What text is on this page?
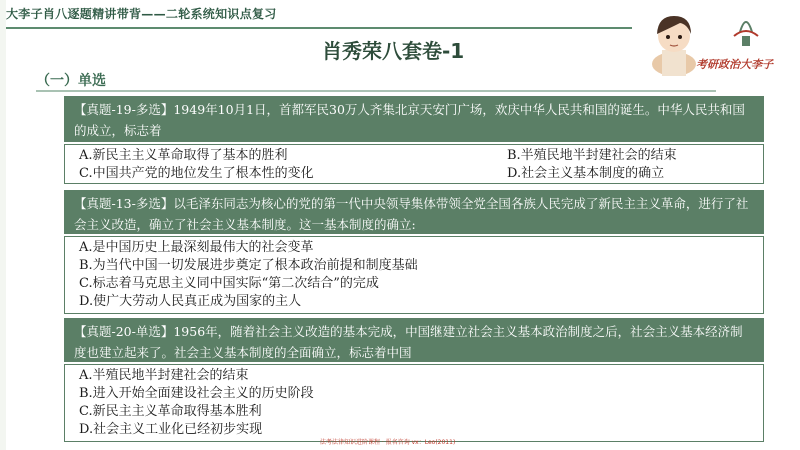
大李子肖八逐题精讲带背——二轮系统知识点复习
肖秀荣八套卷-1
考研政治大李子
（一）单选
【真题-19-多选】1949年10月1日，首都军民30万人齐集北京天安门广场，欢庆中华人民共和国的诞生。中华人民共和国的成立，标志着
A.新民主主义革命取得了基本的胜利	B.半殖民地半封建社会的结束
C.中国共产党的地位发生了根本性的变化	D.社会主义基本制度的确立
【真题-13-多选】以毛泽东同志为核心的党的第一代中央领导集体带领全党全国各族人民完成了新民主主义革命，进行了社会主义改造，确立了社会主义基本制度。这一基本制度的确立:
A.是中国历史上最深刻最伟大的社会变革
B.为当代中国一切发展进步奠定了根本政治前提和制度基础
C.标志着马克思主义同中国实际“第二次结合”的完成
D.使广大劳动人民真正成为国家的主人
【真题-20-单选】1956年，随着社会主义改造的基本完成，中国继建立社会主义基本政治制度之后，社会主义基本经济制度也建立起来了。社会主义基本制度的全面确立，标志着中国
A.半殖民地半封建社会的结束
B.进入开始全面建设社会主义的历史阶段
C.新民主主义革命取得基本胜利
D.社会主义工业化已经初步实现
法考法律知识进阶课程 · 报名咨询 vx：Leo(2011)
